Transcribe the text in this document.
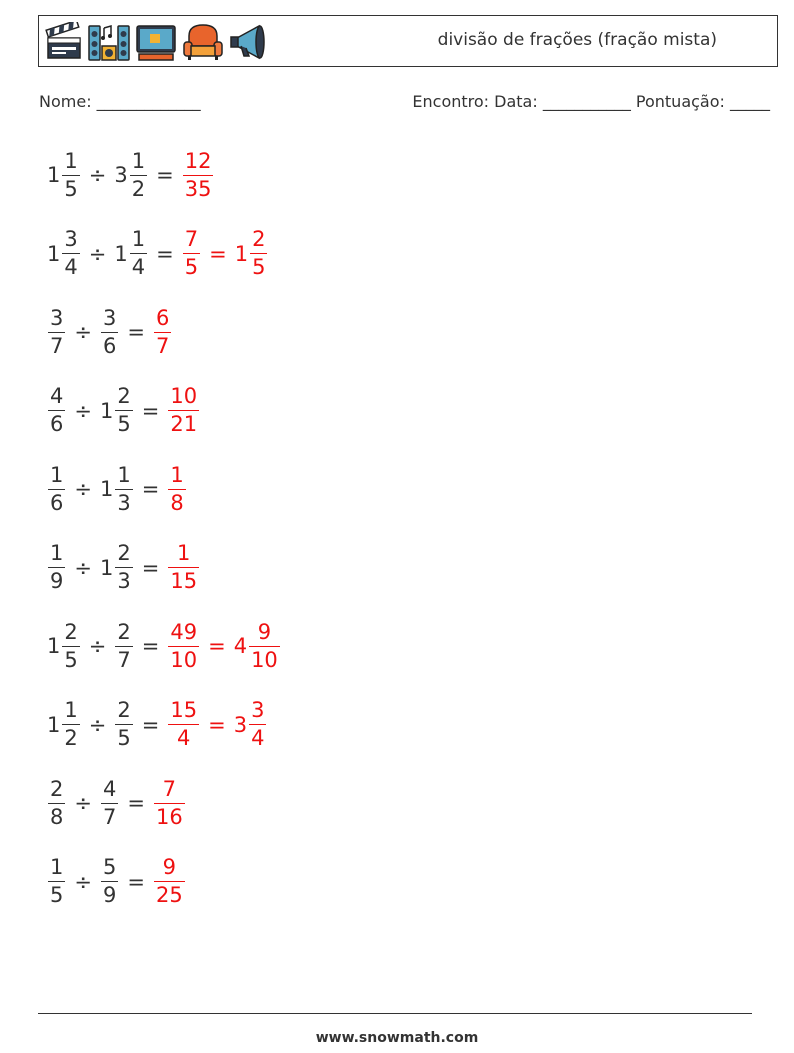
divisão de frações (fração mista)
Nome: _____________	Encontro: Data: ___________ Pontuação: _____
$1 \frac{1}{5} \div 3 \frac{1}{2} = \frac{12}{35}$
$1 \frac{3}{4} \div 1 \frac{1}{4} = \frac{7}{5} = 1 \frac{2}{5}$
$\frac{3}{7} \div \frac{3}{6} = \frac{6}{7}$
$\frac{4}{6} \div 1 \frac{2}{5} = \frac{10}{21}$
$\frac{1}{6} \div 1 \frac{1}{3} = \frac{1}{8}$
$\frac{1}{9} \div 1 \frac{2}{3} = \frac{1}{15}$
$1 \frac{2}{5} \div \frac{2}{7} = \frac{49}{10} = 4 \frac{9}{10}$
$1 \frac{1}{2} \div \frac{2}{5} = \frac{15}{4} = 3 \frac{3}{4}$
$\frac{2}{8} \div \frac{4}{7} = \frac{7}{16}$
$\frac{1}{5} \div \frac{5}{9} = \frac{9}{25}$
www.snowmath.com
